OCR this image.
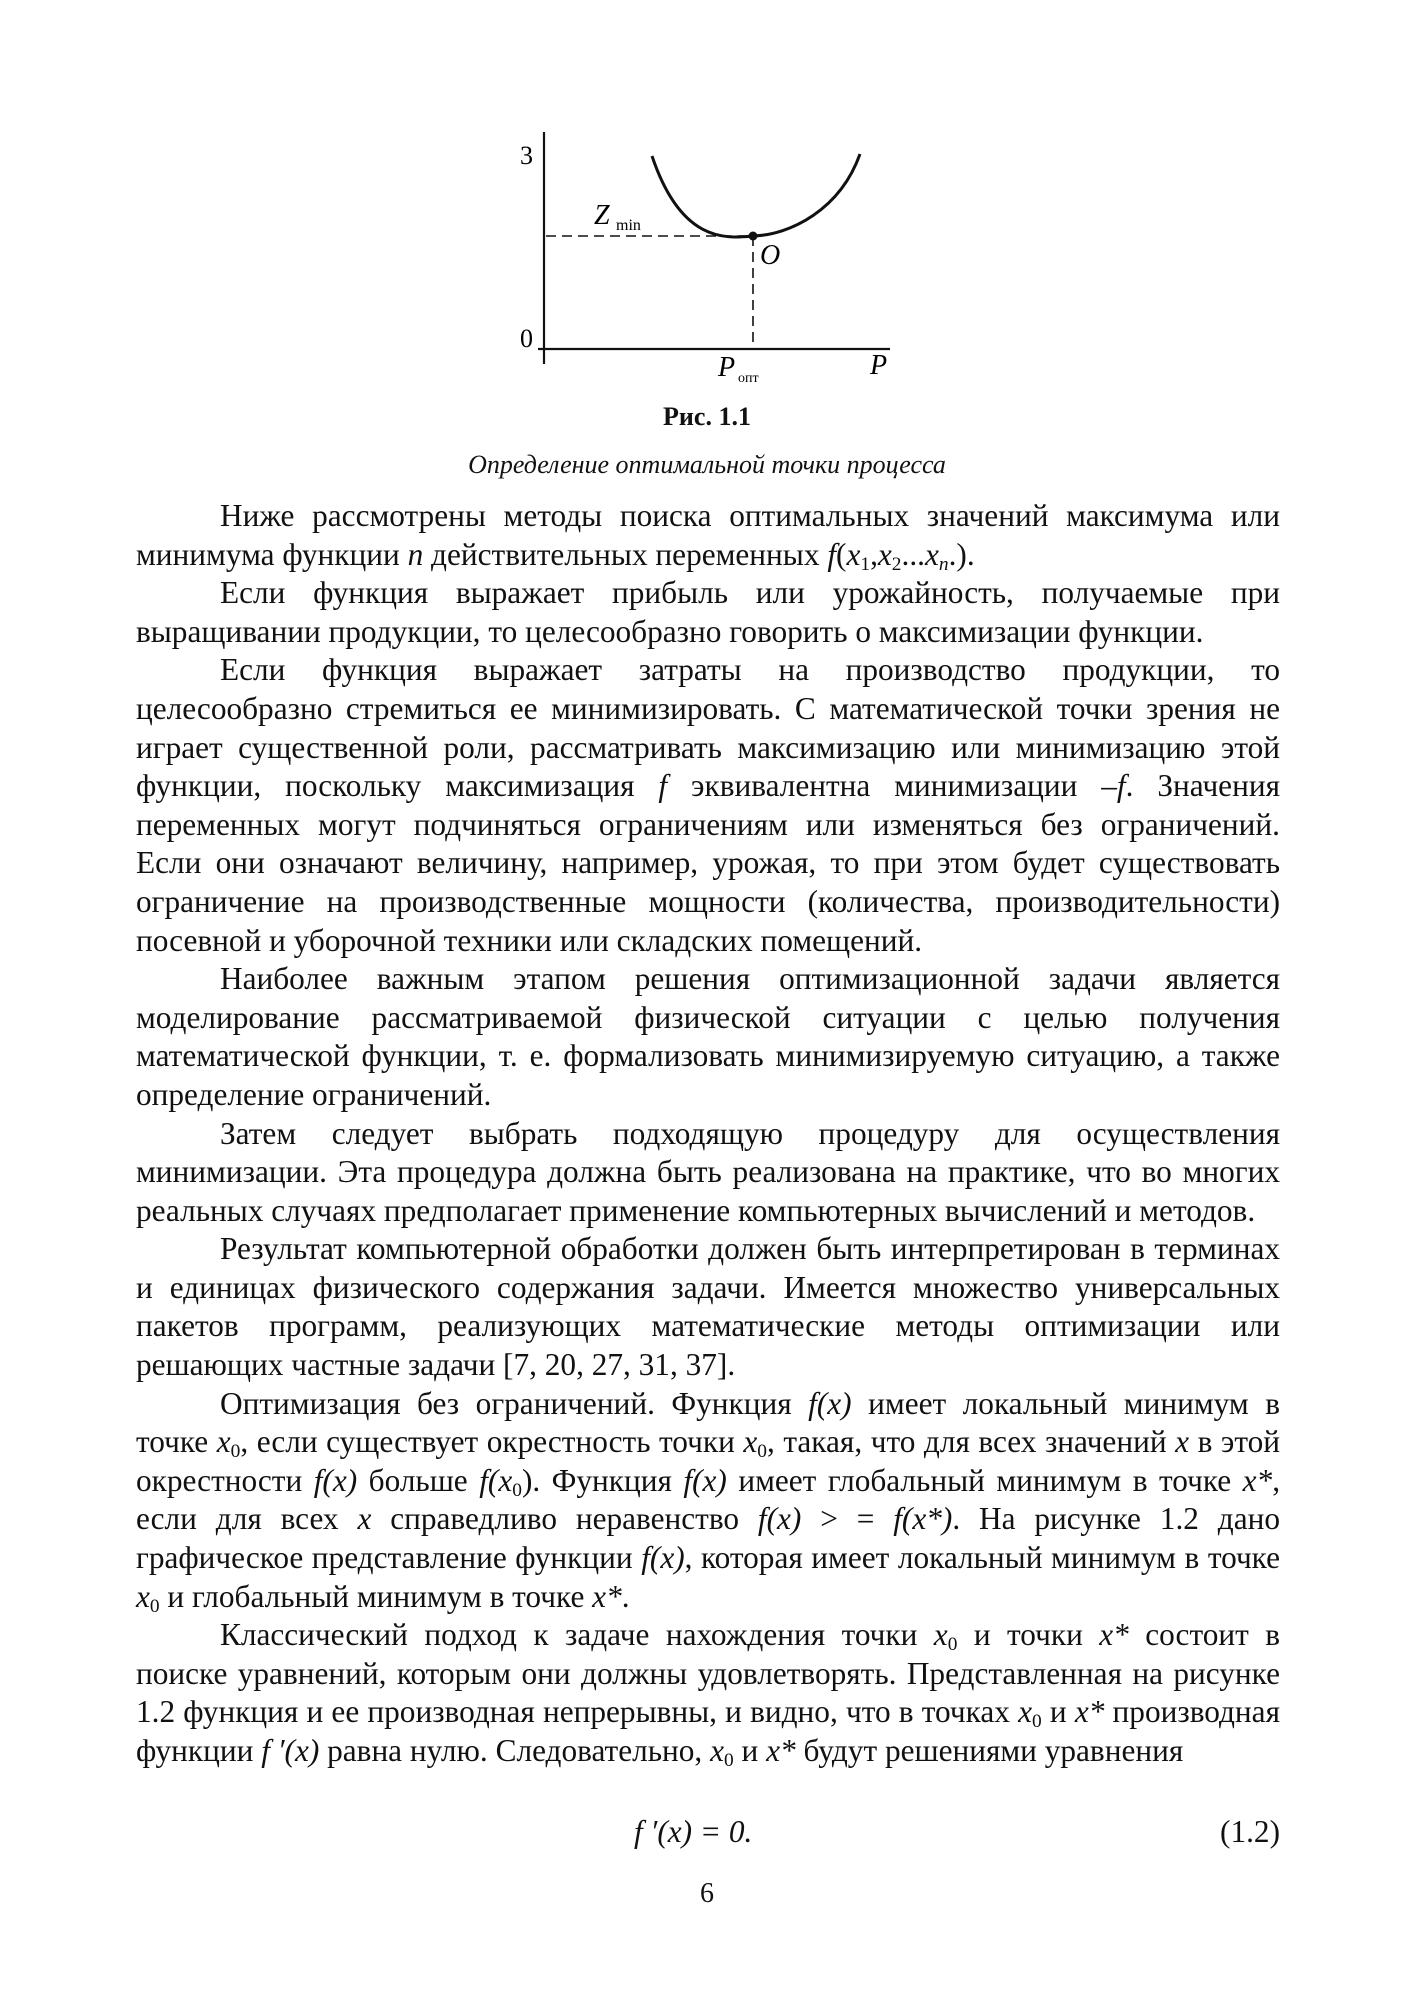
3
0
Z min
O
P опт	P

Рис. 1.1

Определение оптимальной точки процесса

Ниже рассмотрены методы поиска оптимальных значений максимума или минимума функции n действительных переменных $f(x_1,x_2...x_n.)$.

Если функция выражает прибыль или урожайность, получаемые при выращивании продукции, то целесообразно говорить о максимизации функции.

Если функция выражает затраты на производство продукции, то целесообразно стремиться ее минимизировать. С математической точки зрения не играет существенной роли, рассматривать максимизацию или минимизацию этой функции, поскольку максимизация f эквивалентна минимизации –f. Значения переменных могут подчиняться ограничениям или изменяться без ограничений. Если они означают величину, например, урожая, то при этом будет существовать ограничение на производственные мощности (количества, производительности) посевной и уборочной техники или складских помещений.

Наиболее важным этапом решения оптимизационной задачи является моделирование рассматриваемой физической ситуации с целью получения математической функции, т. е. формализовать минимизируемую ситуацию, а также определение ограничений.

Затем следует выбрать подходящую процедуру для осуществления минимизации. Эта процедура должна быть реализована на практике, что во многих реальных случаях предполагает применение компьютерных вычислений и методов.

Результат компьютерной обработки должен быть интерпретирован в терминах и единицах физического содержания задачи. Имеется множество универсальных пакетов программ, реализующих математические методы оптимизации или решающих частные задачи [7, 20, 27, 31, 37].

Оптимизация без ограничений. Функция f(x) имеет локальный минимум в точке $x_0$, если существует окрестность точки $x_0$, такая, что для всех значений x в этой окрестности f(x) больше $f(x_0)$. Функция f(x) имеет глобальный минимум в точке x*, если для всех x справедливо неравенство f(x) > = f(x*). На рисунке 1.2 дано графическое представление функции f(x), которая имеет локальный минимум в точке $x_0$ и глобальный минимум в точке x*.

Классический подход к задаче нахождения точки $x_0$ и точки x* состоит в поиске уравнений, которым они должны удовлетворять. Представленная на рисунке 1.2 функция и ее производная непрерывны, и видно, что в точках $x_0$ и x* производная функции f ′(x) равна нулю. Следовательно, $x_0$ и x* будут решениями уравнения

f ′(x) = 0.	(1.2)
6
